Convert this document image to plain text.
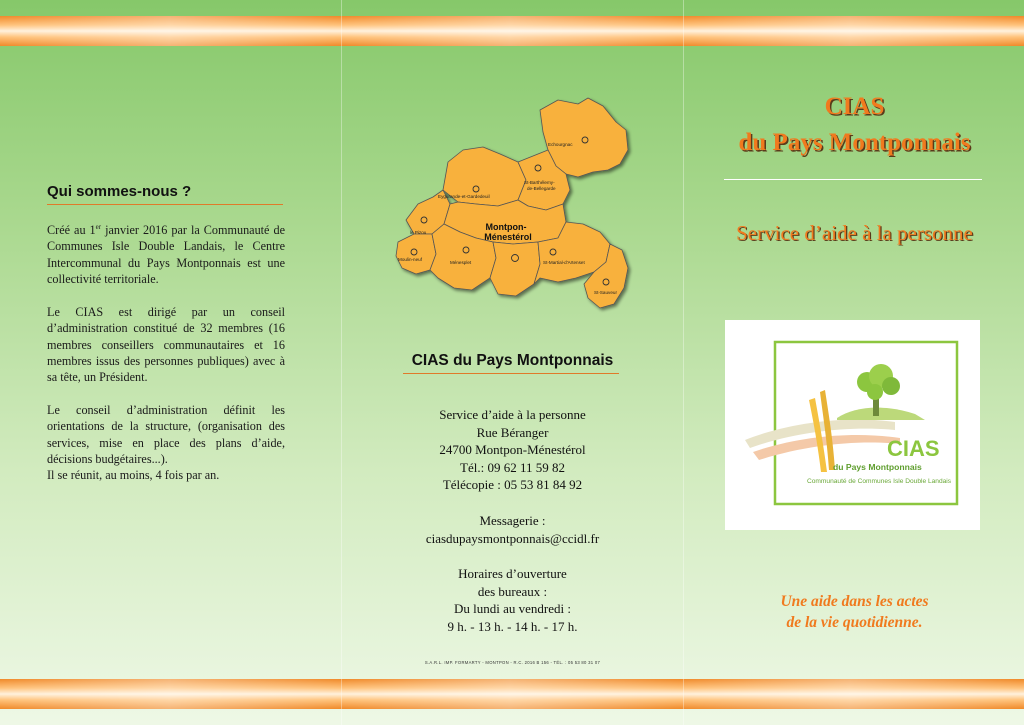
Qui sommes-nous ?

Créé au 1er janvier 2016 par la Communauté de Communes Isle Double Landais, le Centre Intercommunal du Pays Montponnais est une collectivité territoriale.

Le CIAS est dirigé par un conseil d’administration constitué de 32 membres (16 membres conseillers communautaires et 16 membres issus des personnes publiques) avec à sa tête, un Président.

Le conseil d’administration définit les orientations de la structure, (organisation des services, mise en place des plans d’aide, décisions budgétaires...).

Il se réunit, au moins, 4 fois par an.

Echourgnac
Eygurande-et-Gardedeuil
St-Barthélemy-
de-Bellegarde
le Pizou
Moulin-neuf
Ménesplet	St-Martial-d'Artenset
St-Sauveur
Montpon-
Ménestérol
CIAS du Pays Montponnais
Service d’aide à la personne
Rue Béranger
24700 Montpon-Ménestérol
Tél.: 09 62 11 59 82
Télécopie : 05 53 81 84 92
Messagerie :
ciasdupaysmontponnais@ccidl.fr
Horaires d’ouverture
des bureaux :
Du lundi au vendredi :
9 h. - 13 h. - 14 h. - 17 h.
S.A.R.L. IMP. FORMARTY - MONTPON - R.C. 2016 B 156 - TÉL. : 05 53 80 31 07
CIAS
du Pays Montponnais
Service d’aide à la personne
CIAS
du Pays Montponnais
Communauté de Communes Isle Double Landais
Une aide dans les actes
de la vie quotidienne.
